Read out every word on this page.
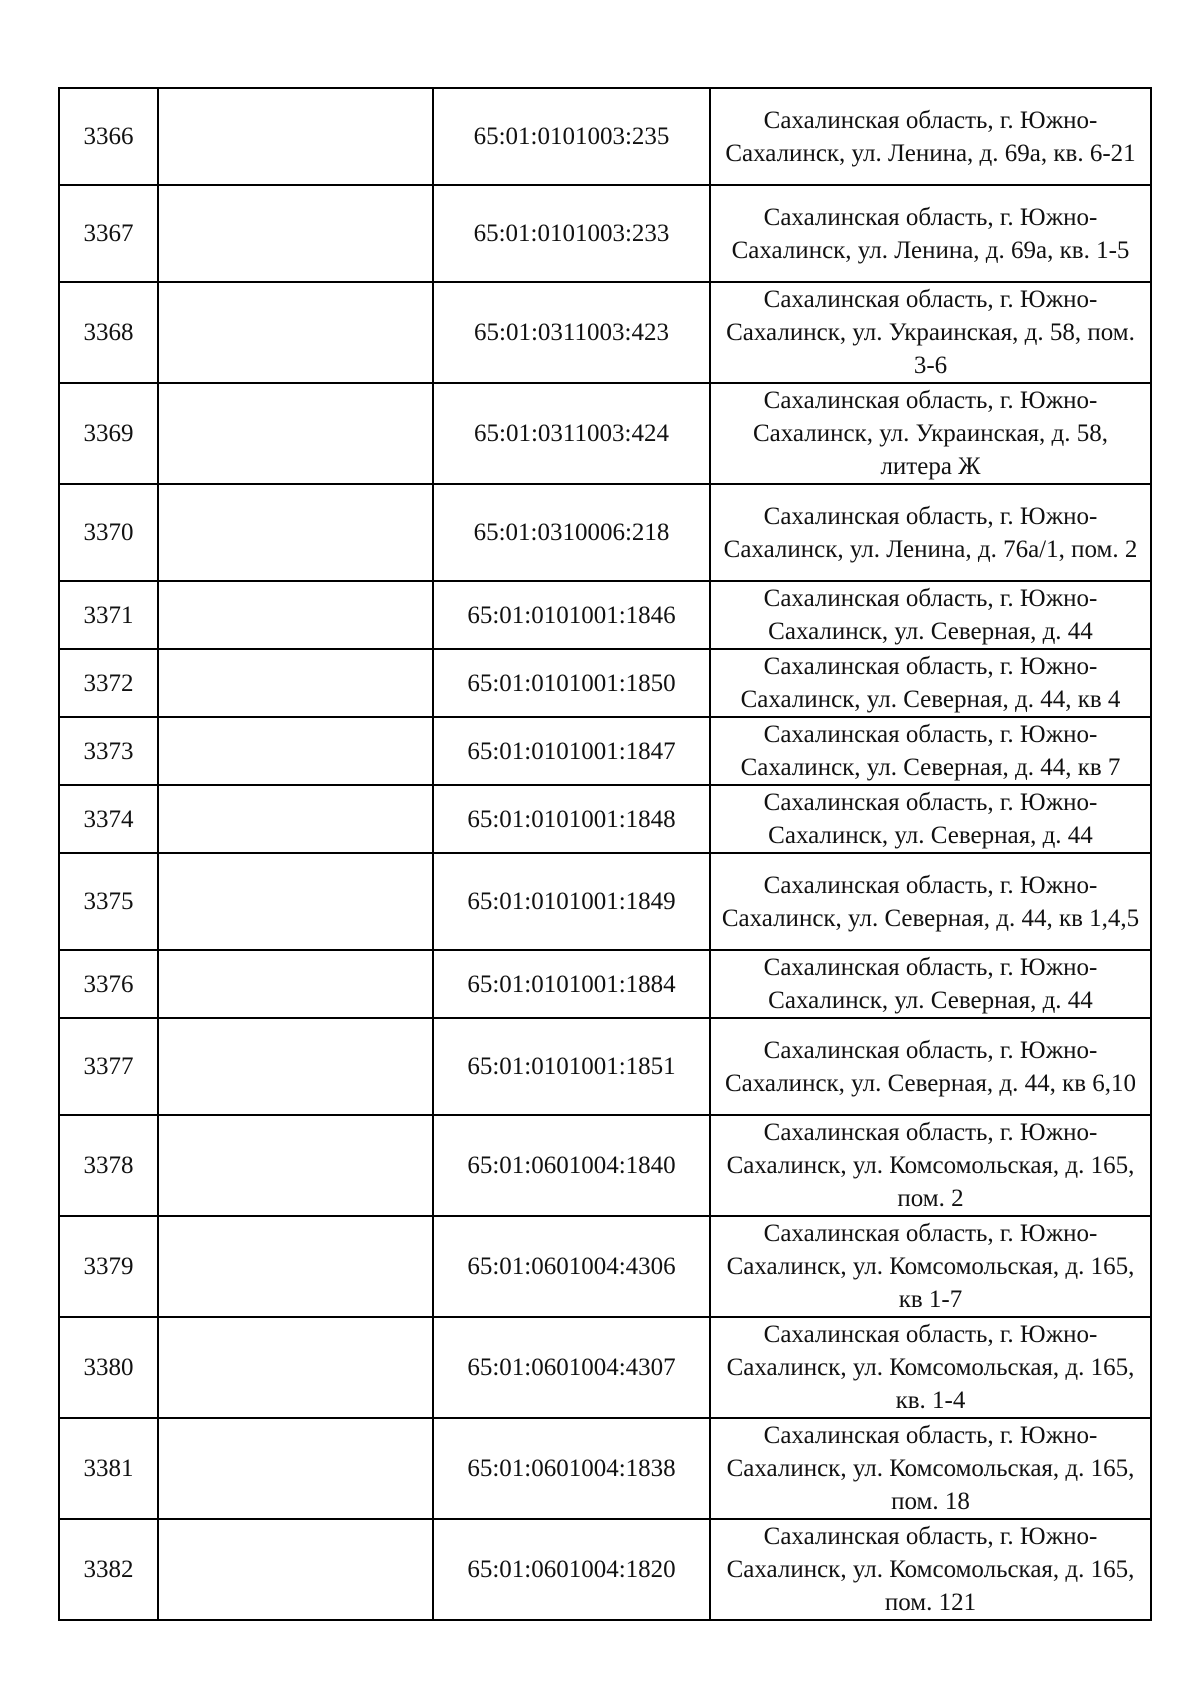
3366		65:01:0101003:235	Сахалинская область, г. Южно-Сахалинск, ул. Ленина, д. 69а, кв. 6-21
3367		65:01:0101003:233	Сахалинская область, г. Южно-Сахалинск, ул. Ленина, д. 69а, кв. 1-5
3368		65:01:0311003:423	Сахалинская область, г. Южно-Сахалинск, ул. Украинская, д. 58, пом. 3-6
3369		65:01:0311003:424	Сахалинская область, г. Южно-Сахалинск, ул. Украинская, д. 58, литера Ж
3370		65:01:0310006:218	Сахалинская область, г. Южно-Сахалинск, ул. Ленина, д. 76а/1, пом. 2
3371		65:01:0101001:1846	Сахалинская область, г. Южно-Сахалинск, ул. Северная, д. 44
3372		65:01:0101001:1850	Сахалинская область, г. Южно-Сахалинск, ул. Северная, д. 44, кв 4
3373		65:01:0101001:1847	Сахалинская область, г. Южно-Сахалинск, ул. Северная, д. 44, кв 7
3374		65:01:0101001:1848	Сахалинская область, г. Южно-Сахалинск, ул. Северная, д. 44
3375		65:01:0101001:1849	Сахалинская область, г. Южно-Сахалинск, ул. Северная, д. 44, кв 1,4,5
3376		65:01:0101001:1884	Сахалинская область, г. Южно-Сахалинск, ул. Северная, д. 44
3377		65:01:0101001:1851	Сахалинская область, г. Южно-Сахалинск, ул. Северная, д. 44, кв 6,10
3378		65:01:0601004:1840	Сахалинская область, г. Южно-Сахалинск, ул. Комсомольская, д. 165, пом. 2
3379		65:01:0601004:4306	Сахалинская область, г. Южно-Сахалинск, ул. Комсомольская, д. 165, кв 1-7
3380		65:01:0601004:4307	Сахалинская область, г. Южно-Сахалинск, ул. Комсомольская, д. 165, кв. 1-4
3381		65:01:0601004:1838	Сахалинская область, г. Южно-Сахалинск, ул. Комсомольская, д. 165, пом. 18
3382		65:01:0601004:1820	Сахалинская область, г. Южно-Сахалинск, ул. Комсомольская, д. 165, пом. 121
